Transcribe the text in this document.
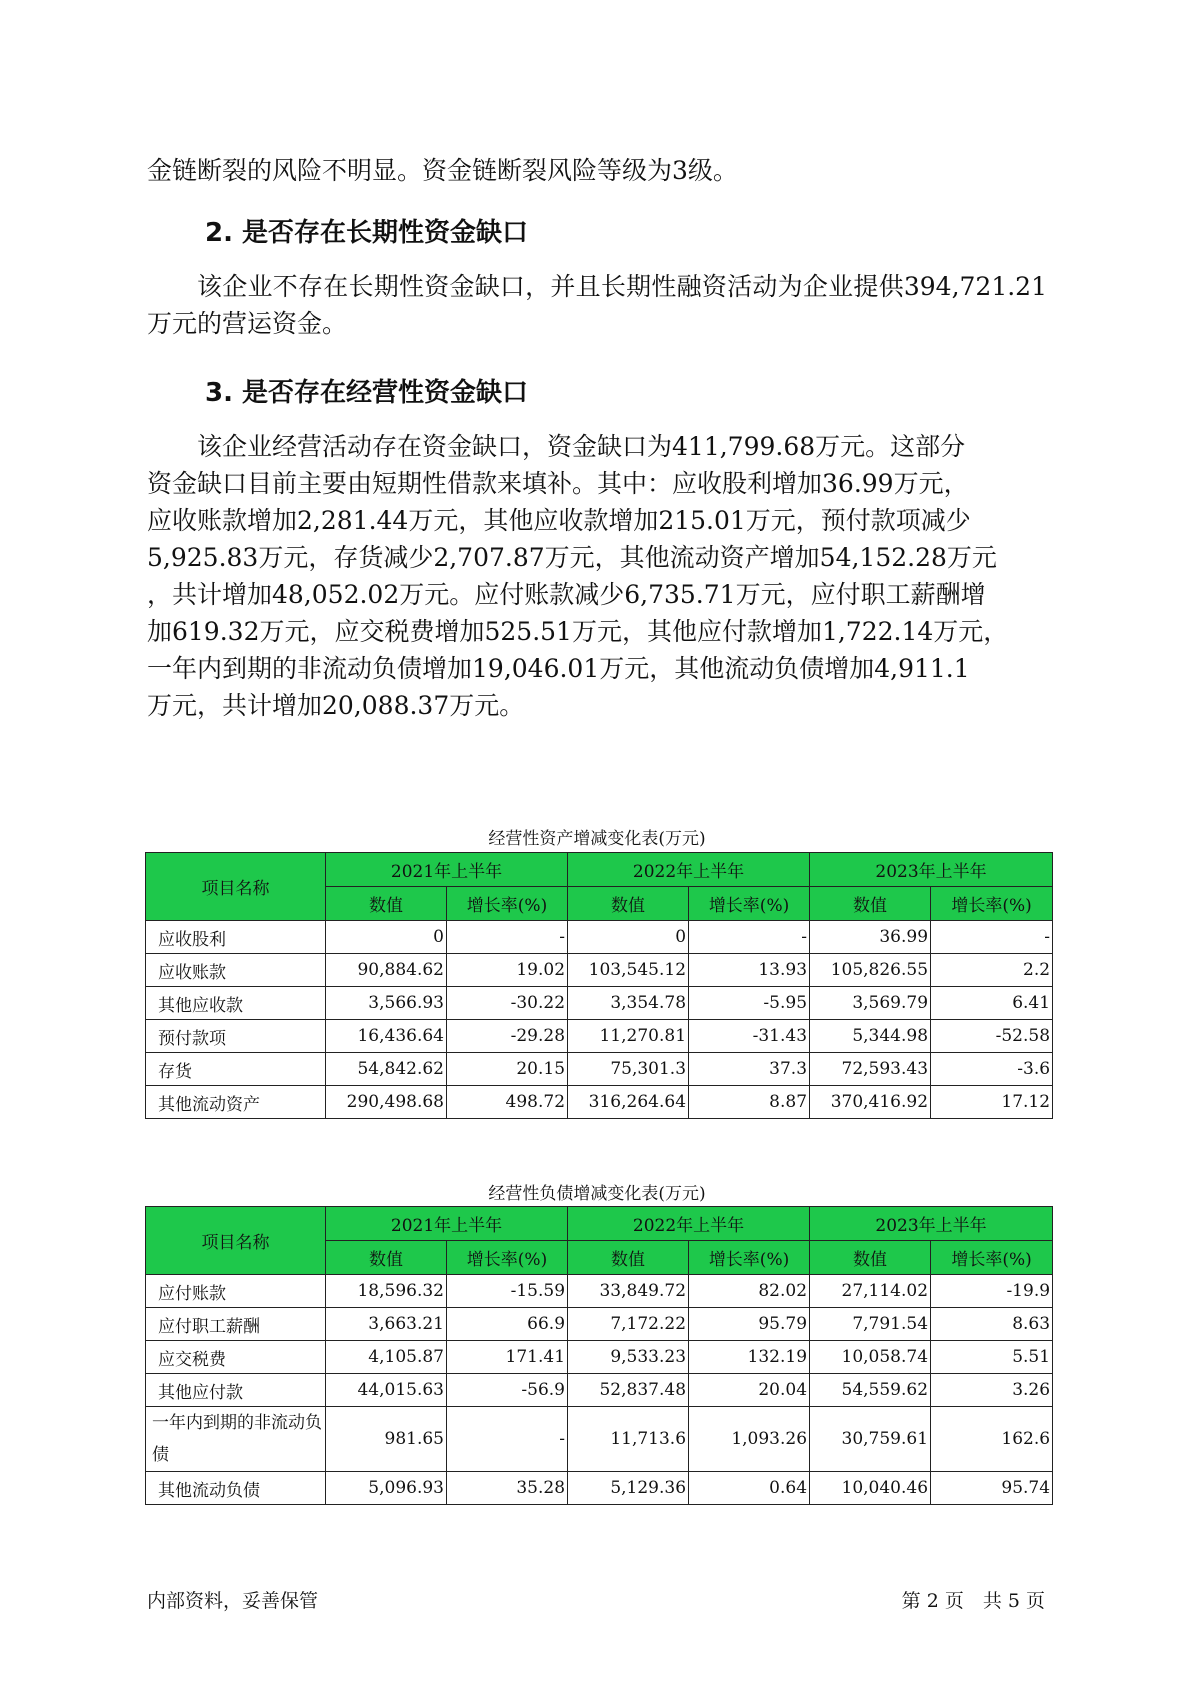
金链断裂的风险不明显。资金链断裂风险等级为3级。

2. 是否存在长期性资金缺口

该企业不存在长期性资金缺口，并且长期性融资活动为企业提供394,721.21万元的营运资金。

3. 是否存在经营性资金缺口
该企业经营活动存在资金缺口，资金缺口为411,799.68万元。这部分
资金缺口目前主要由短期性借款来填补。其中：应收股利增加36.99万元，
应收账款增加2,281.44万元，其他应收款增加215.01万元，预付款项减少
5,925.83万元，存货减少2,707.87万元，其他流动资产增加54,152.28万元
，共计增加48,052.02万元。应付账款减少6,735.71万元，应付职工薪酬增
加619.32万元，应交税费增加525.51万元，其他应付款增加1,722.14万元，
一年内到期的非流动负债增加19,046.01万元，其他流动负债增加4,911.1
万元，共计增加20,088.37万元。
经营性资产增减变化表(万元)
项目名称	2021年上半年		2022年上半年		2023年上半年	
	数值	增长率(%)	数值	增长率(%)	数值	增长率(%)
应收股利	0	-	0	-	36.99	-
应收账款	90,884.62	19.02	103,545.12	13.93	105,826.55	2.2
其他应收款	3,566.93	-30.22	3,354.78	-5.95	3,569.79	6.41
预付款项	16,436.64	-29.28	11,270.81	-31.43	5,344.98	-52.58
存货	54,842.62	20.15	75,301.3	37.3	72,593.43	-3.6
其他流动资产	290,498.68	498.72	316,264.64	8.87	370,416.92	17.12
经营性负债增减变化表(万元)
项目名称	2021年上半年		2022年上半年		2023年上半年	
	数值	增长率(%)	数值	增长率(%)	数值	增长率(%)
应付账款	18,596.32	-15.59	33,849.72	82.02	27,114.02	-19.9
应付职工薪酬	3,663.21	66.9	7,172.22	95.79	7,791.54	8.63
应交税费	4,105.87	171.41	9,533.23	132.19	10,058.74	5.51
其他应付款	44,015.63	-56.9	52,837.48	20.04	54,559.62	3.26
一年内到期的非流动负债	981.65	-	11,713.6	1,093.26	30,759.61	162.6
其他流动负债	5,096.93	35.28	5,129.36	0.64	10,040.46	95.74
内部资料，妥善保管	第 2 页　共 5 页
